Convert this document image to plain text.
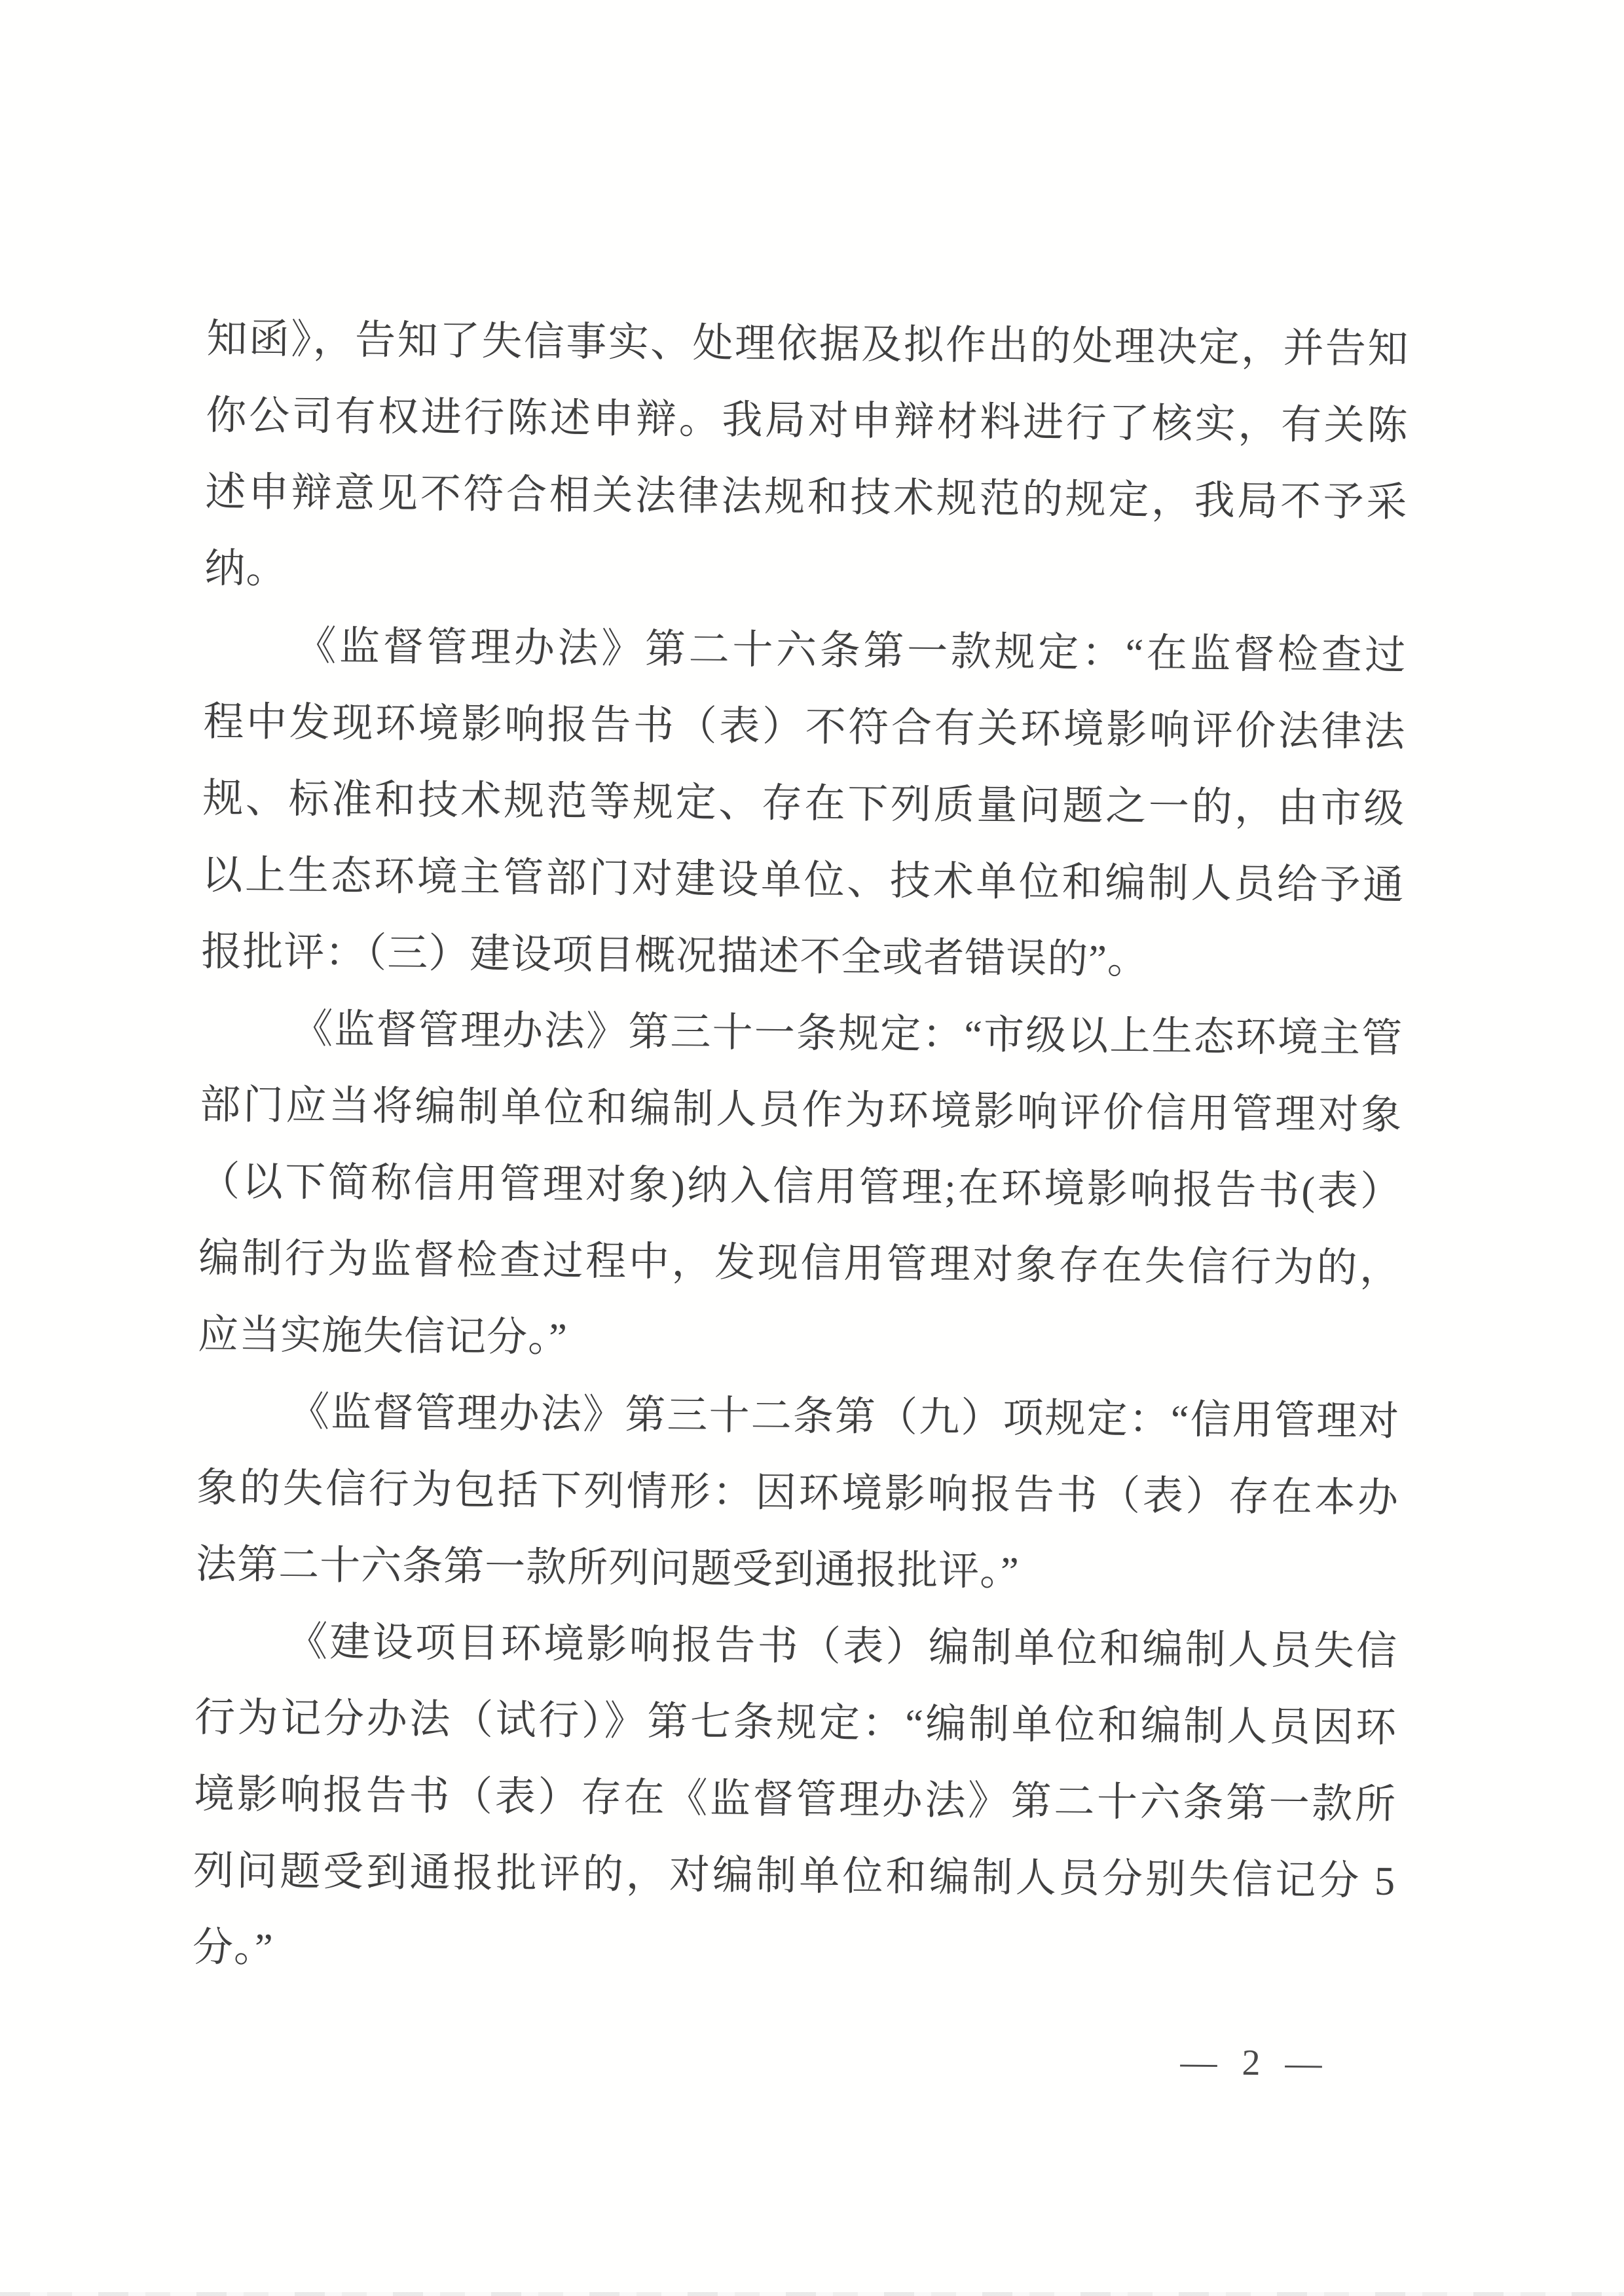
知函》，告知了失信事实、处理依据及拟作出的处理决定，并告知
你公司有权进行陈述申辩。我局对申辩材料进行了核实，有关陈
述申辩意见不符合相关法律法规和技术规范的规定，我局不予采
纳。
《监督管理办法》第二十六条第一款规定：“在监督检查过
程中发现环境影响报告书（表）不符合有关环境影响评价法律法
规、标准和技术规范等规定、存在下列质量问题之一的，由市级
以上生态环境主管部门对建设单位、技术单位和编制人员给予通
报批评：（三）建设项目概况描述不全或者错误的”。
《监督管理办法》第三十一条规定：“市级以上生态环境主管
部门应当将编制单位和编制人员作为环境影响评价信用管理对象
（以下简称信用管理对象)纳入信用管理;在环境影响报告书(表）
编制行为监督检查过程中，发现信用管理对象存在失信行为的，
应当实施失信记分。”
《监督管理办法》第三十二条第（九）项规定：“信用管理对
象的失信行为包括下列情形：因环境影响报告书（表）存在本办
法第二十六条第一款所列问题受到通报批评。”
《建设项目环境影响报告书（表）编制单位和编制人员失信
行为记分办法（试行）》第七条规定：“编制单位和编制人员因环
境影响报告书（表）存在《监督管理办法》第二十六条第一款所
列问题受到通报批评的，对编制单位和编制人员分别失信记分 5
分。”
— 2 —
